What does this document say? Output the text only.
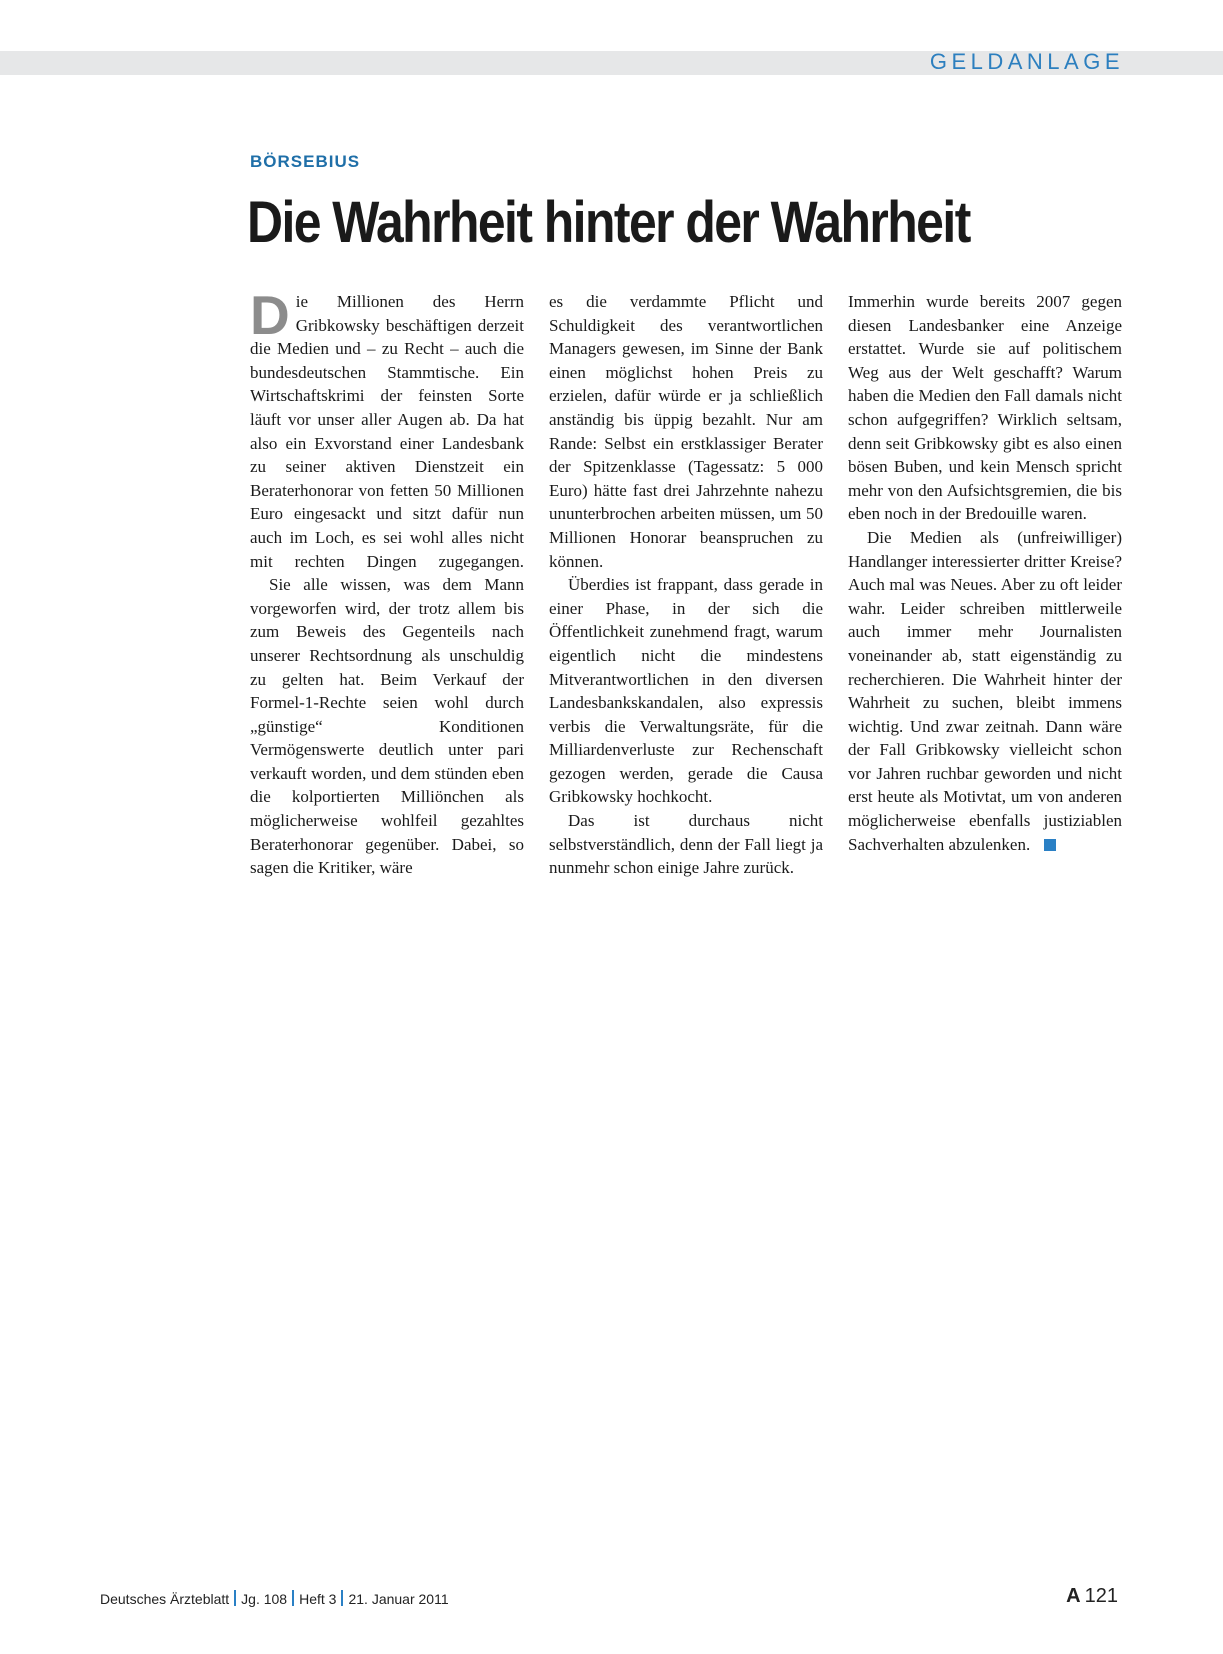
GELDANLAGE
BÖRSEBIUS
Die Wahrheit hinter der Wahrheit

Die Millionen des Herrn Gribkowsky beschäftigen derzeit die Medien und – zu Recht – auch die bundesdeutschen Stammtische. Ein Wirtschaftskrimi der feinsten Sorte läuft vor unser aller Augen ab. Da hat also ein Exvorstand einer Landesbank zu seiner aktiven Dienstzeit ein Beraterhonorar von fetten 50 Millionen Euro eingesackt und sitzt dafür nun auch im Loch, es sei wohl alles nicht mit rechten Dingen zugegangen.

Sie alle wissen, was dem Mann vorgeworfen wird, der trotz allem bis zum Beweis des Gegenteils nach unserer Rechtsordnung als unschuldig zu gelten hat. Beim Verkauf der Formel-1-Rechte seien wohl durch „günstige“ Konditionen Vermögenswerte deutlich unter pari verkauft worden, und dem stünden eben die kolportierten Milliönchen als möglicherweise wohlfeil gezahltes Beraterhonorar gegenüber. Dabei, so sagen die Kritiker, wäre

es die verdammte Pflicht und Schuldigkeit des verantwortlichen Managers gewesen, im Sinne der Bank einen möglichst hohen Preis zu erzielen, dafür würde er ja schließlich anständig bis üppig bezahlt. Nur am Rande: Selbst ein erstklassiger Berater der Spitzenklasse (Tagessatz: 5 000 Euro) hätte fast drei Jahrzehnte nahezu ununterbrochen arbeiten müssen, um 50 Millionen Honorar beanspruchen zu können.

Überdies ist frappant, dass gerade in einer Phase, in der sich die Öffentlichkeit zunehmend fragt, warum eigentlich nicht die mindestens Mitverantwortlichen in den diversen Landesbankskandalen, also expressis verbis die Verwaltungsräte, für die Milliardenverluste zur Rechenschaft gezogen werden, gerade die Causa Gribkowsky hochkocht.

Das ist durchaus nicht selbstverständlich, denn der Fall liegt ja nunmehr schon einige Jahre zurück.

Immerhin wurde bereits 2007 gegen diesen Landesbanker eine Anzeige erstattet. Wurde sie auf politischem Weg aus der Welt geschafft? Warum haben die Medien den Fall damals nicht schon aufgegriffen? Wirklich seltsam, denn seit Gribkowsky gibt es also einen bösen Buben, und kein Mensch spricht mehr von den Aufsichtsgremien, die bis eben noch in der Bredouille waren.

Die Medien als (unfreiwilliger) Handlanger interessierter dritter Kreise? Auch mal was Neues. Aber zu oft leider wahr. Leider schreiben mittlerweile auch immer mehr Journalisten voneinander ab, statt eigenständig zu recherchieren. Die Wahrheit hinter der Wahrheit zu suchen, bleibt immens wichtig. Und zwar zeitnah. Dann wäre der Fall Gribkowsky vielleicht schon vor Jahren ruchbar geworden und nicht erst heute als Motivtat, um von anderen möglicherweise ebenfalls justiziablen Sachverhalten abzulenken.

Deutsches Ärzteblatt Jg. 108 Heft 3 21. Januar 2011	A 121
